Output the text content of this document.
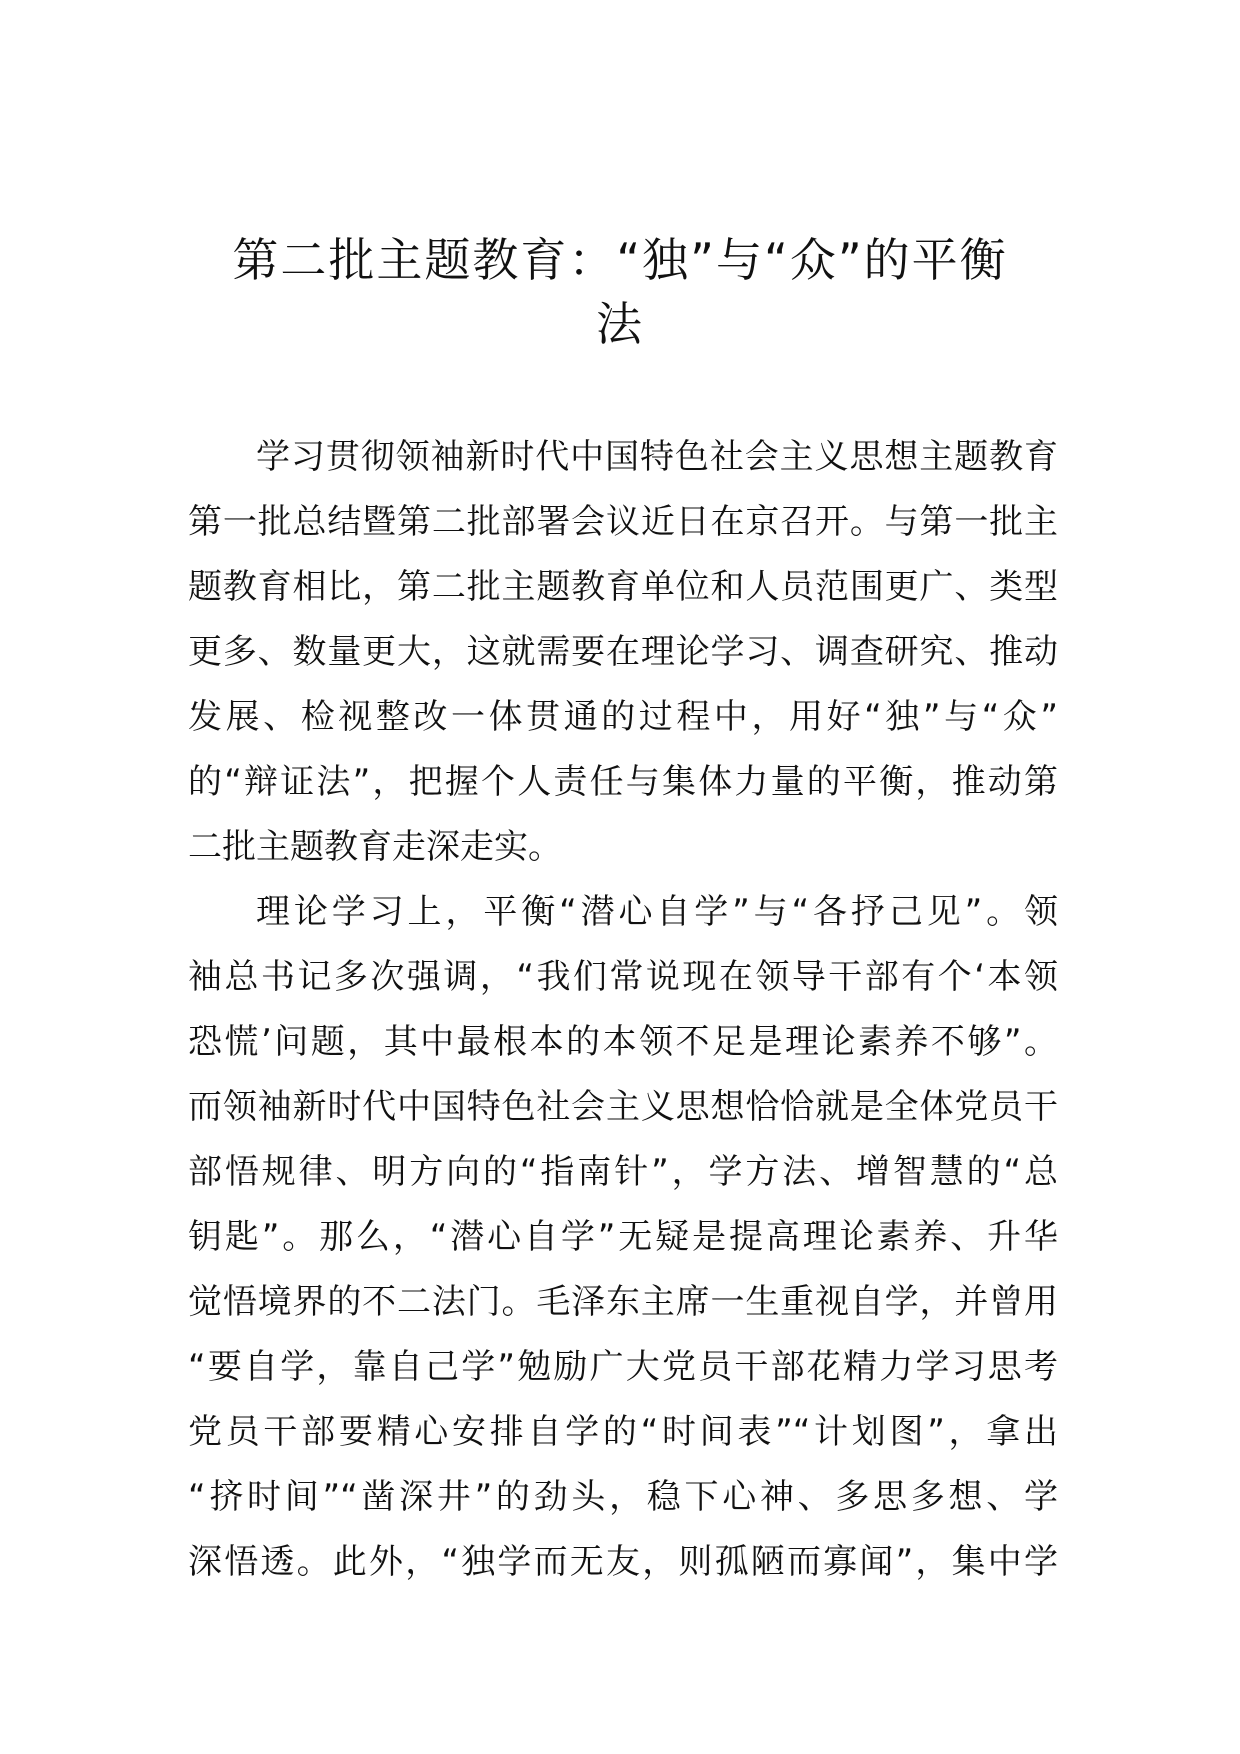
第二批主题教育：“独”与“众”的平衡
法
学习贯彻领袖新时代中国特色社会主义思想主题教育
第一批总结暨第二批部署会议近日在京召开。与第一批主
题教育相比，第二批主题教育单位和人员范围更广、类型
更多、数量更大，这就需要在理论学习、调查研究、推动
发展、检视整改一体贯通的过程中，用好“独”与“众”
的“辩证法”，把握个人责任与集体力量的平衡，推动第
二批主题教育走深走实。
理论学习上，平衡“潜心自学”与“各抒己见”。领
袖总书记多次强调，“我们常说现在领导干部有个‘本领
恐慌’问题，其中最根本的本领不足是理论素养不够”。
而领袖新时代中国特色社会主义思想恰恰就是全体党员干
部悟规律、明方向的“指南针”，学方法、增智慧的“总
钥匙”。那么，“潜心自学”无疑是提高理论素养、升华
觉悟境界的不二法门。毛泽东主席一生重视自学，并曾用
“要自学，靠自己学”勉励广大党员干部花精力学习思考
党员干部要精心安排自学的“时间表”“计划图”，拿出
“挤时间”“凿深井”的劲头，稳下心神、多思多想、学
深悟透。此外，“独学而无友，则孤陋而寡闻”，集中学
